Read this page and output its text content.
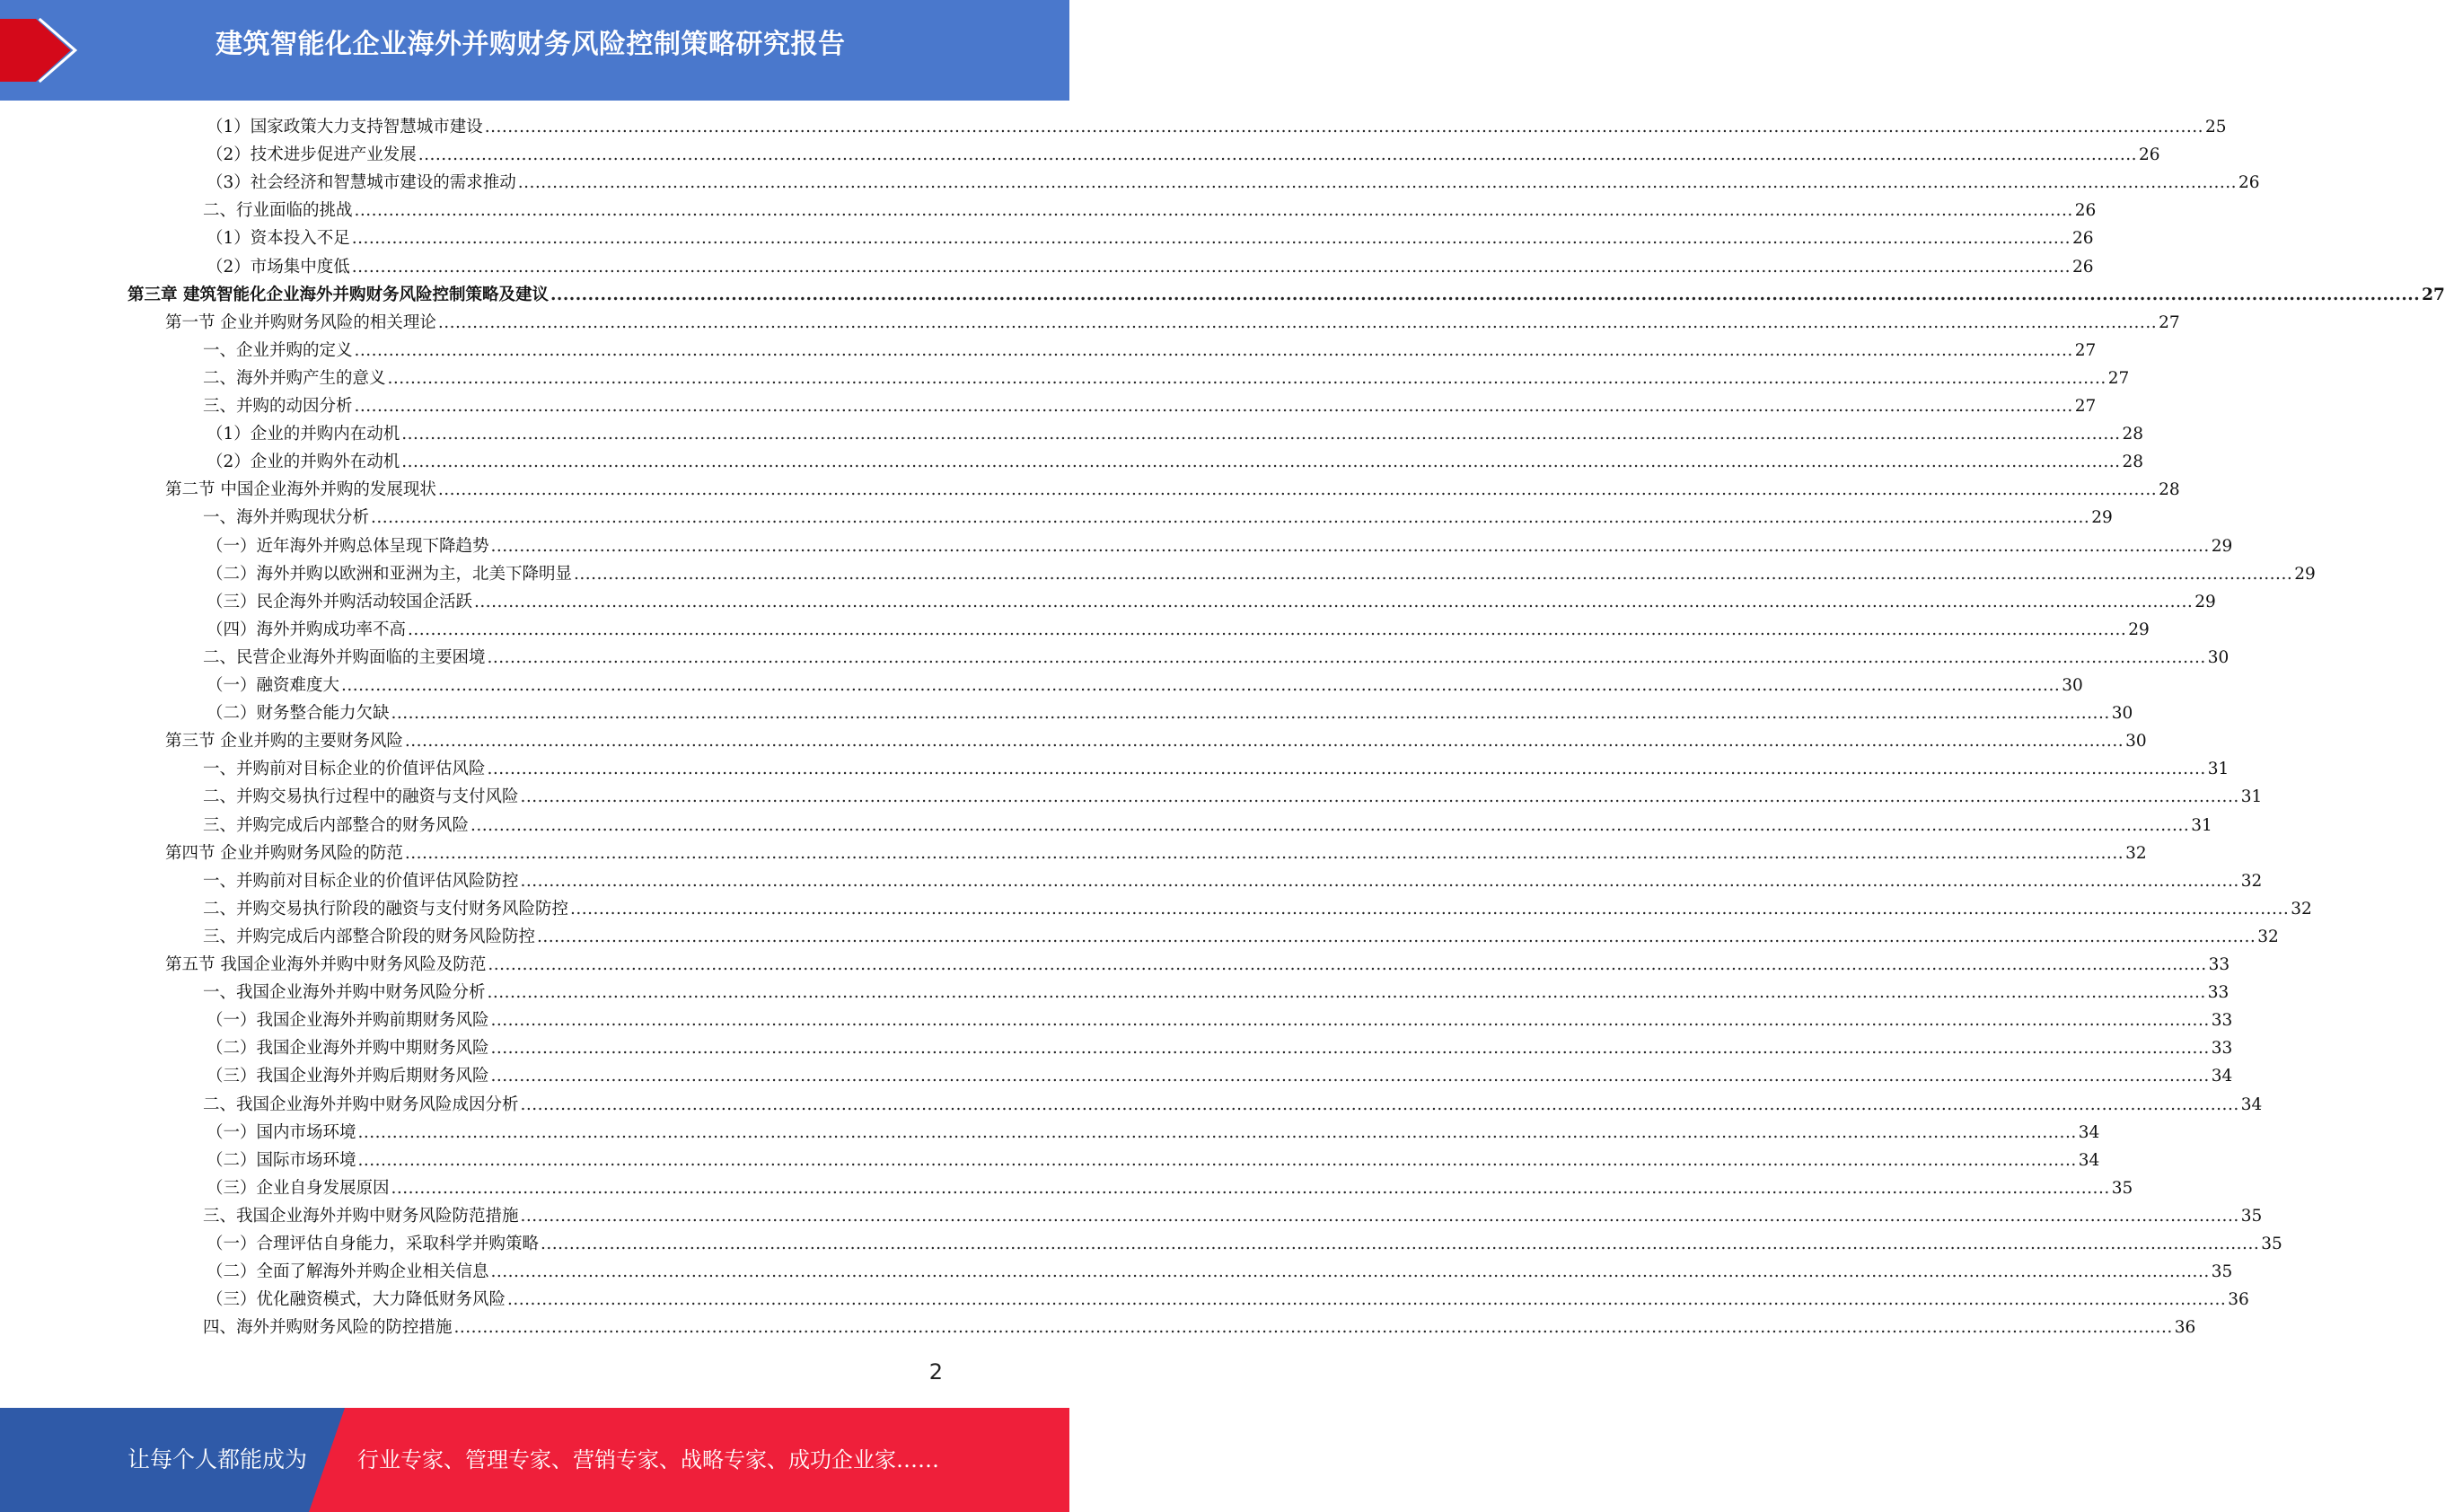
建筑智能化企业海外并购财务风险控制策略研究报告
（1）国家政策大力支持智慧城市建设 ............................................................................................................................................................................................................................................................................................................ 25
（2）技术进步促进产业发展 ............................................................................................................................................................................................................................................................................................................ 26
（3）社会经济和智慧城市建设的需求推动 ............................................................................................................................................................................................................................................................................................................ 26
二、行业面临的挑战 ............................................................................................................................................................................................................................................................................................................ 26
（1）资本投入不足 ............................................................................................................................................................................................................................................................................................................ 26
（2）市场集中度低 ............................................................................................................................................................................................................................................................................................................ 26
第三章 建筑智能化企业海外并购财务风险控制策略及建议 ............................................................................................................................................................................................................................................................................................................ 27
第一节 企业并购财务风险的相关理论 ............................................................................................................................................................................................................................................................................................................ 27
一、企业并购的定义 ............................................................................................................................................................................................................................................................................................................ 27
二、海外并购产生的意义 ............................................................................................................................................................................................................................................................................................................ 27
三、并购的动因分析 ............................................................................................................................................................................................................................................................................................................ 27
（1）企业的并购内在动机 ............................................................................................................................................................................................................................................................................................................ 28
（2）企业的并购外在动机 ............................................................................................................................................................................................................................................................................................................ 28
第二节 中国企业海外并购的发展现状 ............................................................................................................................................................................................................................................................................................................ 28
一、海外并购现状分析 ............................................................................................................................................................................................................................................................................................................ 29
（一）近年海外并购总体呈现下降趋势 ............................................................................................................................................................................................................................................................................................................ 29
（二）海外并购以欧洲和亚洲为主，北美下降明显 ............................................................................................................................................................................................................................................................................................................ 29
（三）民企海外并购活动较国企活跃 ............................................................................................................................................................................................................................................................................................................ 29
（四）海外并购成功率不高 ............................................................................................................................................................................................................................................................................................................ 29
二、民营企业海外并购面临的主要困境 ............................................................................................................................................................................................................................................................................................................ 30
（一）融资难度大 ............................................................................................................................................................................................................................................................................................................ 30
（二）财务整合能力欠缺 ............................................................................................................................................................................................................................................................................................................ 30
第三节 企业并购的主要财务风险 ............................................................................................................................................................................................................................................................................................................ 30
一、并购前对目标企业的价值评估风险 ............................................................................................................................................................................................................................................................................................................ 31
二、并购交易执行过程中的融资与支付风险 ............................................................................................................................................................................................................................................................................................................ 31
三、并购完成后内部整合的财务风险 ............................................................................................................................................................................................................................................................................................................ 31
第四节 企业并购财务风险的防范 ............................................................................................................................................................................................................................................................................................................ 32
一、并购前对目标企业的价值评估风险防控 ............................................................................................................................................................................................................................................................................................................ 32
二、并购交易执行阶段的融资与支付财务风险防控 ............................................................................................................................................................................................................................................................................................................ 32
三、并购完成后内部整合阶段的财务风险防控 ............................................................................................................................................................................................................................................................................................................ 32
第五节 我国企业海外并购中财务风险及防范 ............................................................................................................................................................................................................................................................................................................ 33
一、我国企业海外并购中财务风险分析 ............................................................................................................................................................................................................................................................................................................ 33
（一）我国企业海外并购前期财务风险 ............................................................................................................................................................................................................................................................................................................ 33
（二）我国企业海外并购中期财务风险 ............................................................................................................................................................................................................................................................................................................ 33
（三）我国企业海外并购后期财务风险 ............................................................................................................................................................................................................................................................................................................ 34
二、我国企业海外并购中财务风险成因分析 ............................................................................................................................................................................................................................................................................................................ 34
（一）国内市场环境 ............................................................................................................................................................................................................................................................................................................ 34
（二）国际市场环境 ............................................................................................................................................................................................................................................................................................................ 34
（三）企业自身发展原因 ............................................................................................................................................................................................................................................................................................................ 35
三、我国企业海外并购中财务风险防范措施 ............................................................................................................................................................................................................................................................................................................ 35
（一）合理评估自身能力，采取科学并购策略 ............................................................................................................................................................................................................................................................................................................ 35
（二）全面了解海外并购企业相关信息 ............................................................................................................................................................................................................................................................................................................ 35
（三）优化融资模式，大力降低财务风险 ............................................................................................................................................................................................................................................................................................................ 36
四、海外并购财务风险的防控措施 ............................................................................................................................................................................................................................................................................................................ 36
2
让每个人都能成为 行业专家、管理专家、营销专家、战略专家、成功企业家……
